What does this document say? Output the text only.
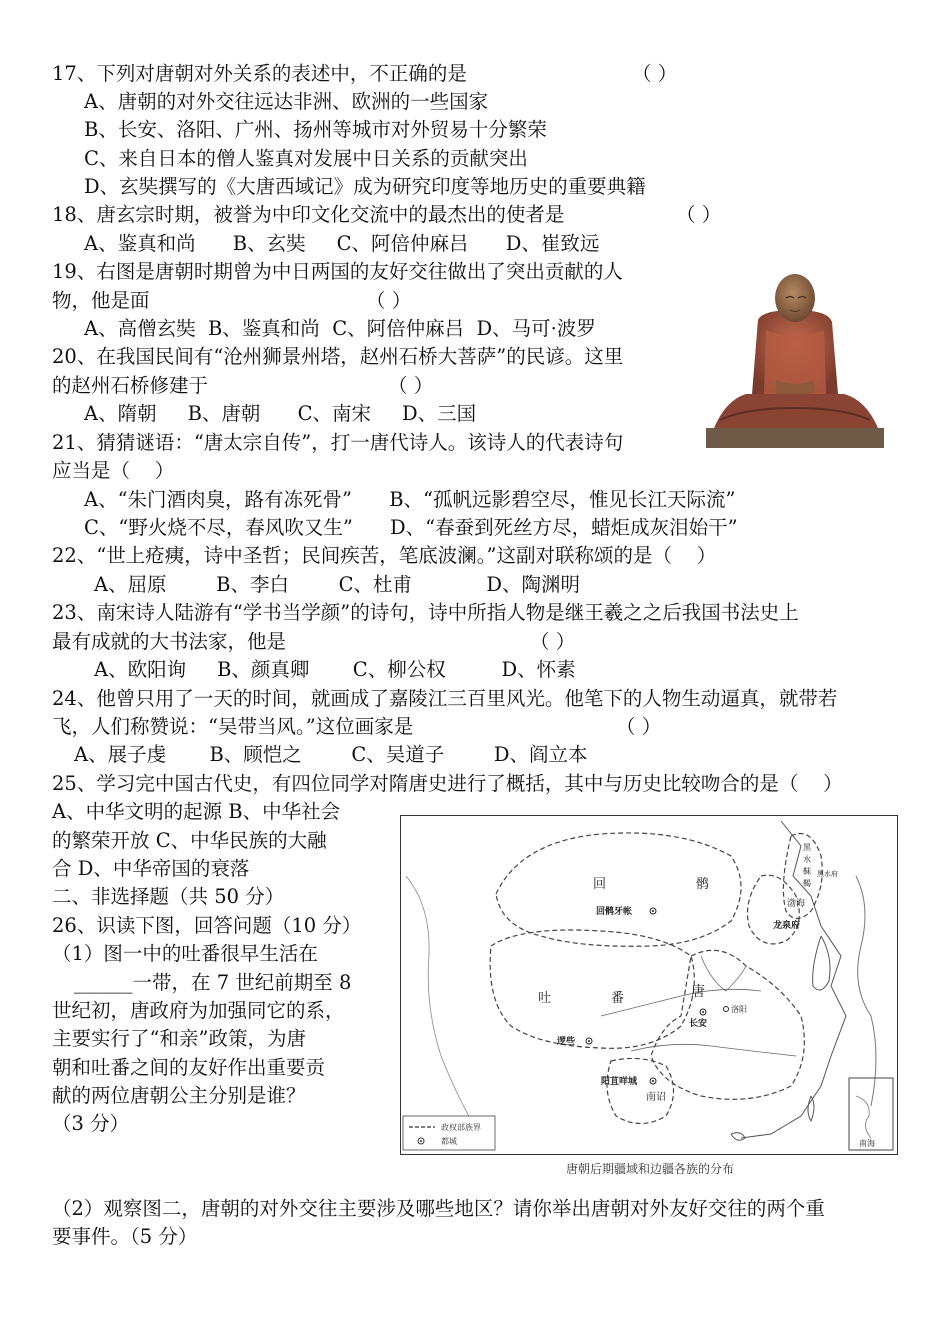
17、下列对唐朝对外关系的表述中，不正确的是	（ ）
A、唐朝的对外交往远达非洲、欧洲的一些国家
B、长安、洛阳、广州、扬州等城市对外贸易十分繁荣
C、来自日本的僧人鉴真对发展中日关系的贡献突出
D、玄奘撰写的《大唐西域记》成为研究印度等地历史的重要典籍
18、唐玄宗时期，被誉为中印文化交流中的最杰出的使者是	（ ）
A、鉴真和尚      B、玄奘     C、阿倍仲麻吕      D、崔致远
19、右图是唐朝时期曾为中日两国的友好交往做出了突出贡献的人
物，他是面	（ ）
A、高僧玄奘  B、鉴真和尚  C、阿倍仲麻吕  D、马可·波罗
20、在我国民间有“沧州狮景州塔，赵州石桥大菩萨”的民谚。这里
的赵州石桥修建于	（ ）
A、隋朝     B、唐朝      C、南宋     D、三国
21、猜猜谜语：“唐太宗自传”，打一唐代诗人。该诗人的代表诗句
应当是（    ）
A、“朱门酒肉臭，路有冻死骨”      B、“孤帆远影碧空尽，惟见长江天际流”
C、“野火烧不尽，春风吹又生”      D、“春蚕到死丝方尽，蜡炬成灰泪始干”
22、“世上疮痍，诗中圣哲；民间疾苦，笔底波澜。”这副对联称颂的是（    ）
A、屈原        B、李白        C、杜甫            D、陶渊明
23、南宋诗人陆游有“学书当学颜”的诗句，诗中所指人物是继王羲之之后我国书法史上
最有成就的大书法家，他是	（ ）
A、欧阳询     B、颜真卿       C、柳公权         D、怀素
24、他曾只用了一天的时间，就画成了嘉陵江三百里风光。他笔下的人物生动逼真，就带若
飞，人们称赞说：“吴带当风。”这位画家是	（ ）
A、展子虔       B、顾恺之        C、吴道子        D、阎立本
25、学习完中国古代史，有四位同学对隋唐史进行了概括，其中与历史比较吻合的是（    ）
A、中华文明的起源 B、中华社会
的繁荣开放 C、中华民族的大融
合 D、中华帝国的衰落
二、非选择题（共 50 分）
26、识读下图，回答问题（10 分）
（1）图一中的吐番很早生活在
______一带，在 7 世纪前期至 8
世纪初，唐政府为加强同它的系，
主要实行了“和亲”政策，为唐
朝和吐番之间的友好作出重要贡
献的两位唐朝公主分别是谁？
（3 分）
回	鹘
回鹘牙帐
吐	番
逻些
唐
长安
洛阳
阳苴咩城
南诏
渤海
龙泉府
黑
水
靺
鞨
黑水府
南海
政权部族界
都城
唐朝后期疆域和边疆各族的分布
（2）观察图二，唐朝的对外交往主要涉及哪些地区？请你举出唐朝对外友好交往的两个重
要事件。（5 分）
